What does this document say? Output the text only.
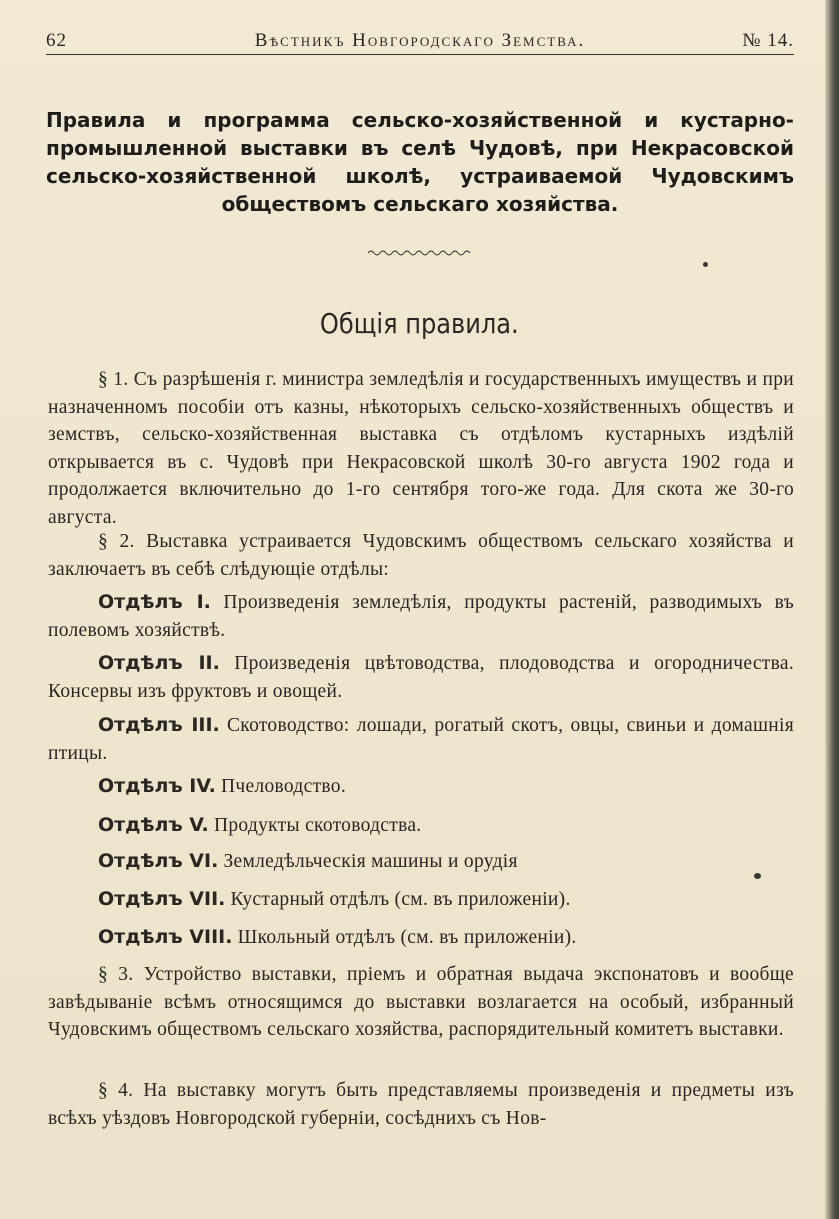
Вѣстникъ Новгородскаго Земства.
62	№ 14.
Правила и программа сельско-хозяйственной и кустарно-промышленной выставки въ селѣ Чудовѣ, при Некрасовской сельско-хозяйственной школѣ, устраиваемой Чудовскимъ обществомъ сельскаго хозяйства.
Общія правила.

§ 1. Съ разрѣшенія г. министра земледѣлія и государственныхъ имуществъ и при назначенномъ пособіи отъ казны, нѣкоторыхъ сельско-хозяйственныхъ обществъ и земствъ, сельско-хозяйственная выставка съ отдѣломъ кустарныхъ издѣлій открывается въ с. Чудовѣ при Некрасовской школѣ 30-го августа 1902 года и продолжается включительно до 1-го сентября того-же года. Для скота же 30-го августа.

§ 2. Выставка устраивается Чудовскимъ обществомъ сельскаго хозяйства и заключаетъ въ себѣ слѣдующіе отдѣлы:

Отдѣлъ I. Произведенія земледѣлія, продукты растеній, разводимыхъ въ полевомъ хозяйствѣ.

Отдѣлъ II. Произведенія цвѣтоводства, плодоводства и огородничества. Консервы изъ фруктовъ и овощей.

Отдѣлъ III. Скотоводство: лошади, рогатый скотъ, овцы, свиньи и домашнія птицы.

Отдѣлъ IV. Пчеловодство.

Отдѣлъ V. Продукты скотоводства.

Отдѣлъ VI. Земледѣльческія машины и орудія

Отдѣлъ VII. Кустарный отдѣлъ (см. въ приложеніи).

Отдѣлъ VIII. Школьный отдѣлъ (см. въ приложеніи).

§ 3. Устройство выставки, пріемъ и обратная выдача экспонатовъ и вообще завѣдываніе всѣмъ относящимся до выставки возлагается на особый, избранный Чудовскимъ обществомъ сельскаго хозяйства, распорядительный комитетъ выставки.

§ 4. На выставку могутъ быть представляемы произведенія и предметы изъ всѣхъ уѣздовъ Новгородской губерніи, сосѣднихъ съ Нов-
